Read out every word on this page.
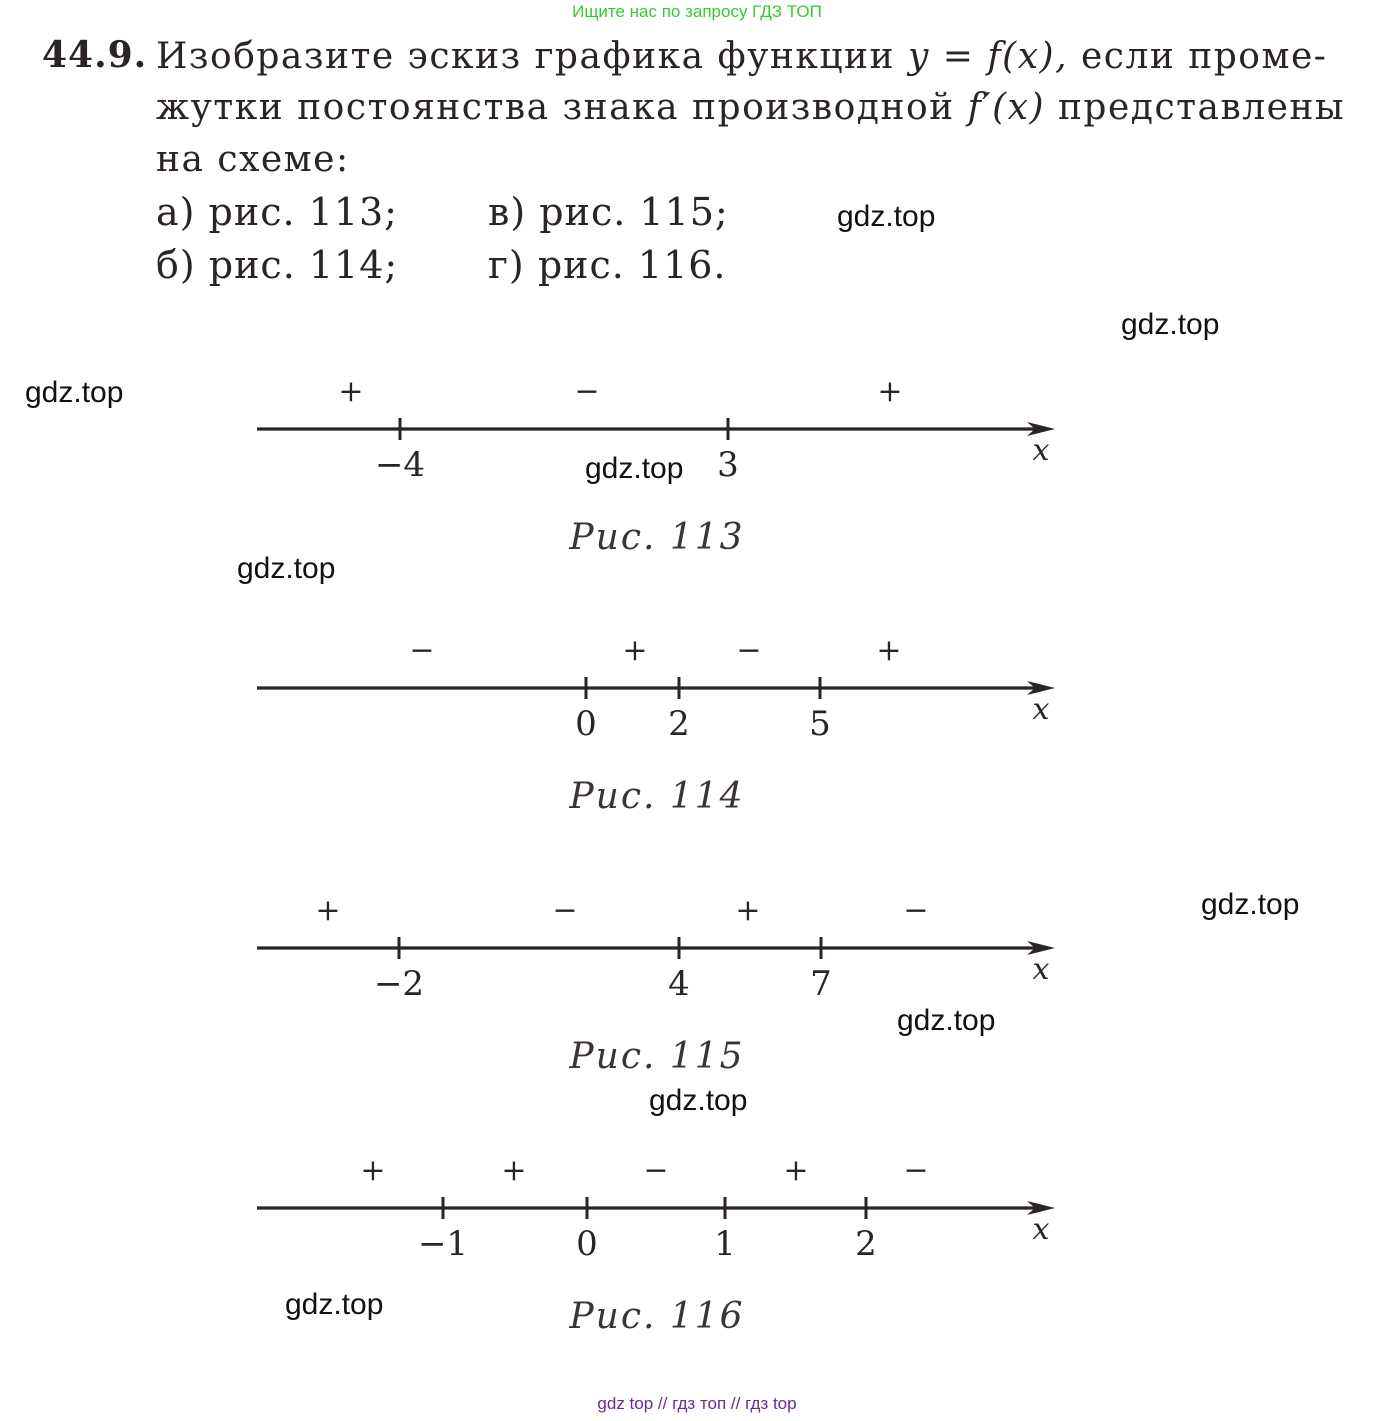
Ищите нас по запросу ГДЗ ТОП
44.9. Изобразите эскиз графика функции y = f(x), если проме-
жутки постоянства знака производной f′(x) представлены
на схеме:
а) рис. 113; в) рис. 115;
б) рис. 114; г) рис. 116.
x
−4	3
+	−	+
Рис. 113
x
0 2	5
−	+	−	+
Рис. 114
x
−2	4	7
+	−	+	−
Рис. 115
x
−1	0	1	2
+	+	−	+	−
Рис. 116
gdz.top
gdz.top
gdz.top
gdz.top
gdz.top
gdz.top
gdz.top
gdz.top
gdz.top
gdz top // гдз топ // гдз top
